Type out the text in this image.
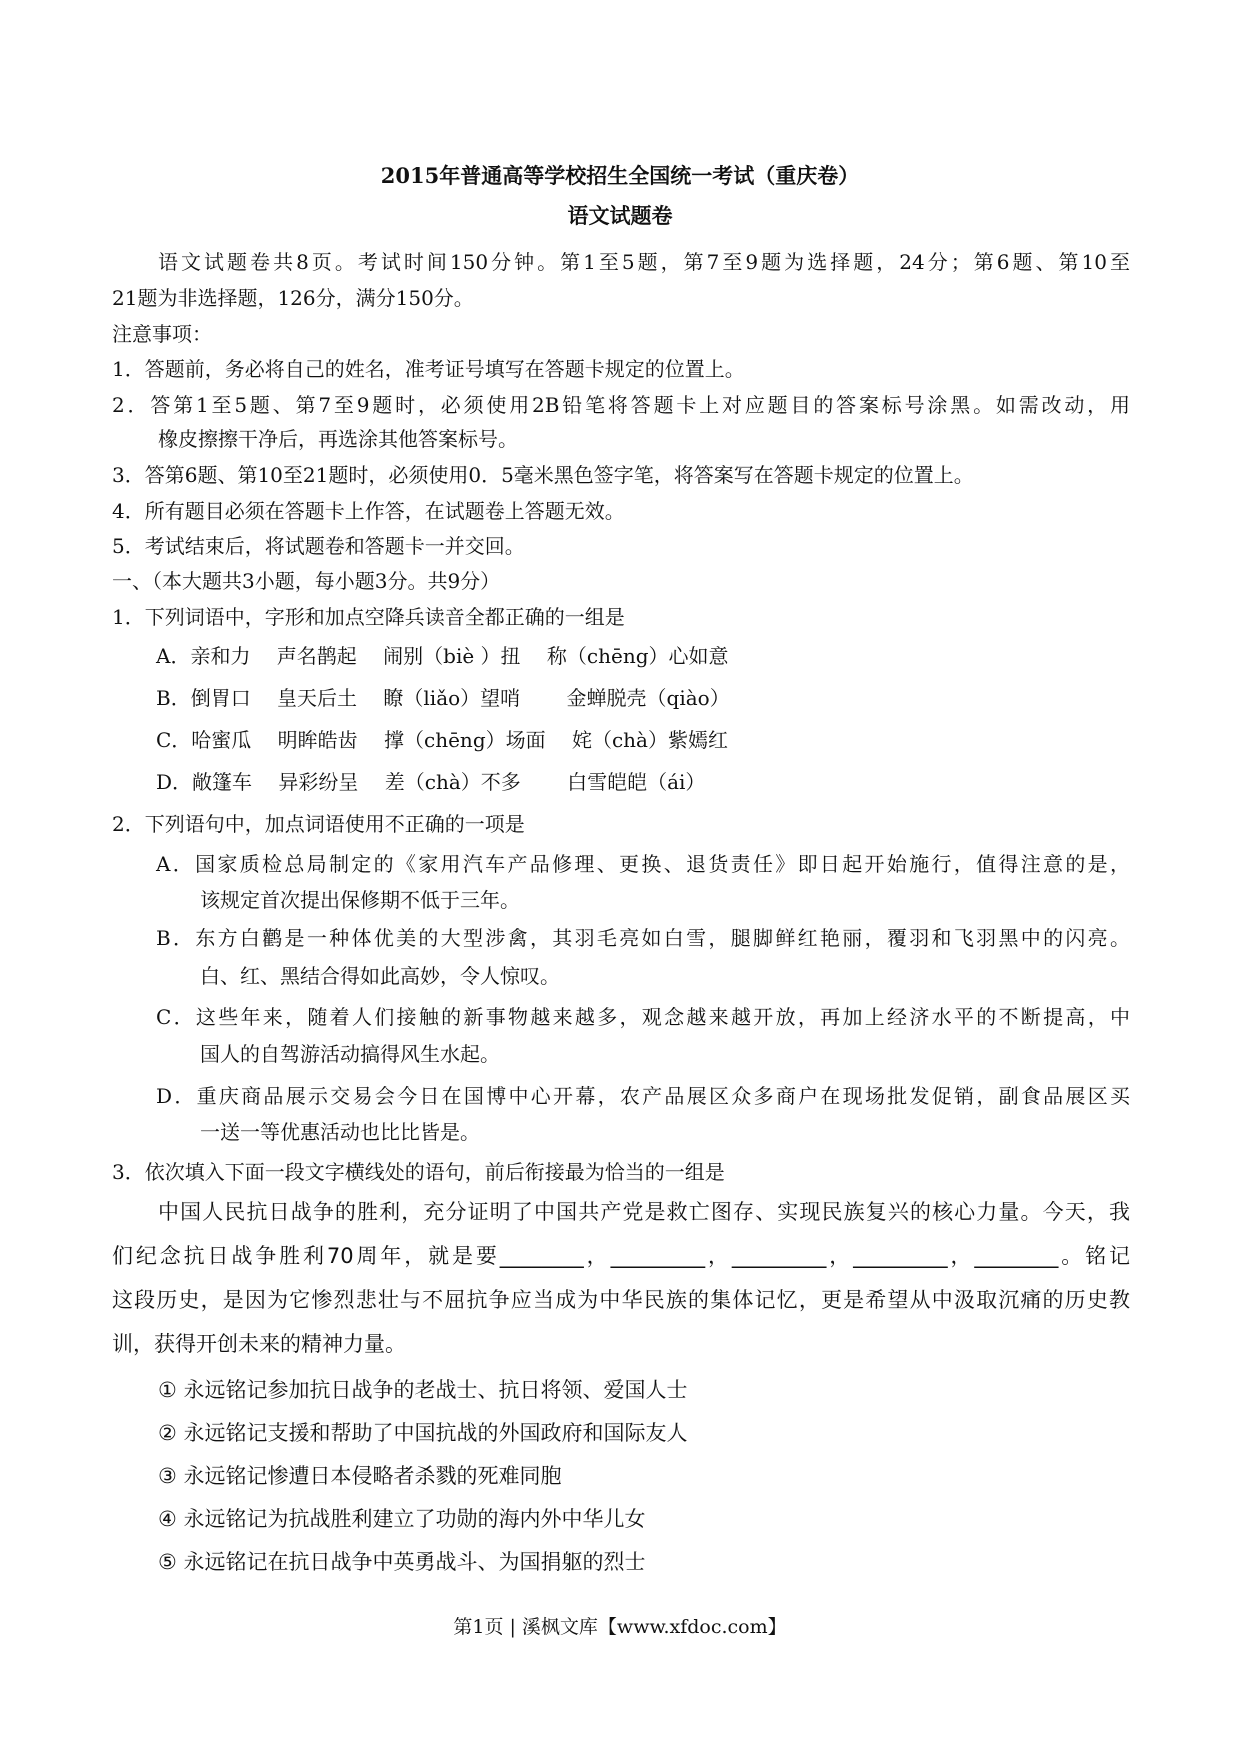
2015年普通高等学校招生全国统一考试（重庆卷）
语文试题卷
语文试题卷共8页。考试时间150分钟。第1至5题，第7至9题为选择题，24分；第6题、第10至
21题为非选择题，126分，满分150分。
注意事项：
1．答题前，务必将自己的姓名，准考证号填写在答题卡规定的位置上。
2．答第1至5题、第7至9题时，必须使用2B铅笔将答题卡上对应题目的答案标号涂黑。如需改动，用
橡皮擦擦干净后，再选涂其他答案标号。
3．答第6题、第10至21题时，必须使用0．5毫米黑色签字笔，将答案写在答题卡规定的位置上。
4．所有题目必须在答题卡上作答，在试题卷上答题无效。
5．考试结束后，将试题卷和答题卡一并交回。
一、（本大题共3小题，每小题3分。共9分）
1．下列词语中，字形和加点空降兵读音全都正确的一组是
A．亲和力　 声名鹊起　 闹别（biè ）扭　 称（chēng）心如意
B．倒胃口　 皇天后土　 瞭（liǎo）望哨　　 金蝉脱壳（qiào）
C．哈蜜瓜　 明眸皓齿　 撑（chēng）场面　 姹（chà）紫嫣红
D．敞篷车　 异彩纷呈　 差（chà）不多　　 白雪皑皑（ái）
2．下列语句中，加点词语使用不正确的一项是
A．国家质检总局制定的《家用汽车产品修理、更换、退货责任》即日起开始施行，值得注意的是，
该规定首次提出保修期不低于三年。
B．东方白鹳是一种体优美的大型涉禽，其羽毛亮如白雪，腿脚鲜红艳丽，覆羽和飞羽黑中的闪亮。
白、红、黑结合得如此高妙，令人惊叹。
C．这些年来，随着人们接触的新事物越来越多，观念越来越开放，再加上经济水平的不断提高，中
国人的自驾游活动搞得风生水起。
D．重庆商品展示交易会今日在国博中心开幕，农产品展区众多商户在现场批发促销，副食品展区买
一送一等优惠活动也比比皆是。
3．依次填入下面一段文字横线处的语句，前后衔接最为恰当的一组是
中国人民抗日战争的胜利，充分证明了中国共产党是救亡图存、实现民族复兴的核心力量。今天，我
们纪念抗日战争胜利70周年，就是要________，_________，_________，_________，________。铭记
这段历史，是因为它惨烈悲壮与不屈抗争应当成为中华民族的集体记忆，更是希望从中汲取沉痛的历史教
训，获得开创未来的精神力量。
① 永远铭记参加抗日战争的老战士、抗日将领、爱国人士
② 永远铭记支援和帮助了中国抗战的外国政府和国际友人
③ 永远铭记惨遭日本侵略者杀戮的死难同胞
④ 永远铭记为抗战胜利建立了功勋的海内外中华儿女
⑤ 永远铭记在抗日战争中英勇战斗、为国捐躯的烈士
第1页 | 溪枫文库【www.xfdoc.com】
